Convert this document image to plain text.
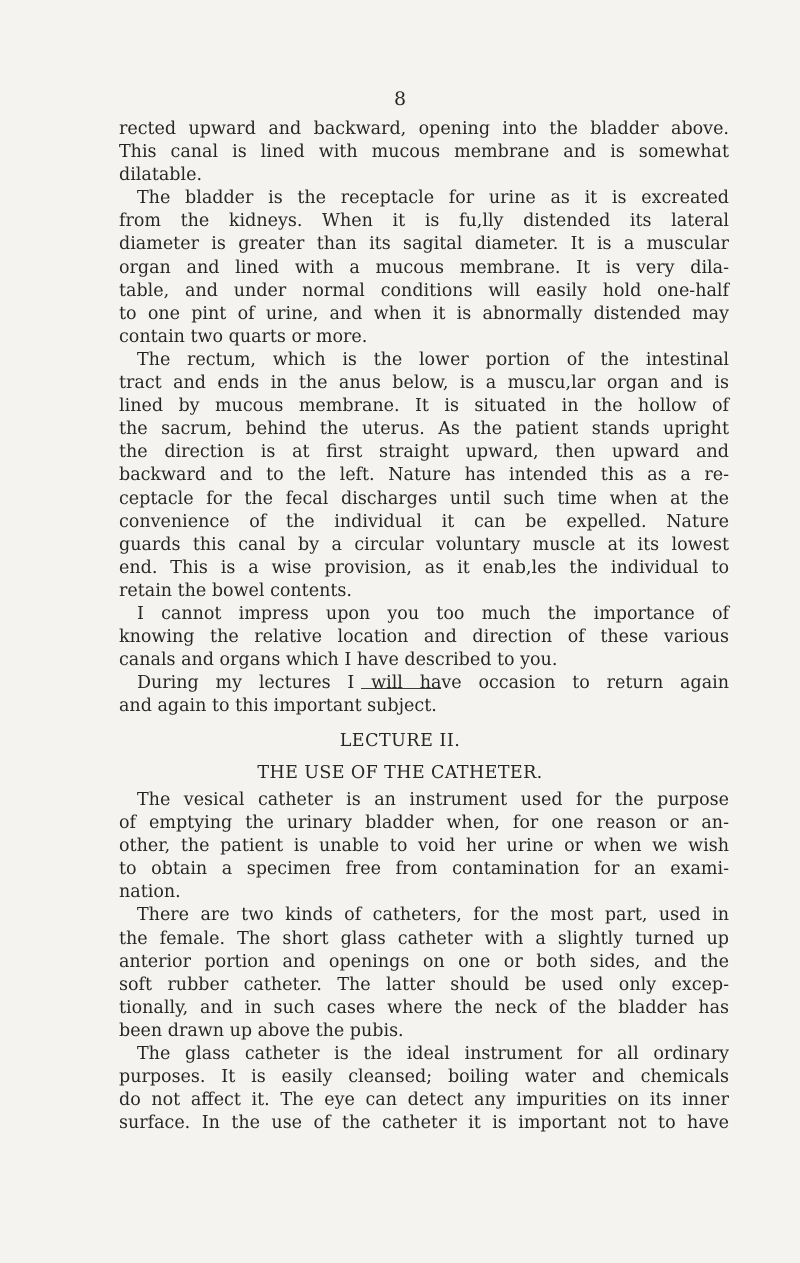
8

rected upward and backward, opening into the bladder above.
This canal is lined with mucous membrane and is somewhat
dilatable.

The bladder is the receptacle for urine as it is excreated
from the kidneys. When it is fu,lly distended its lateral
diameter is greater than its sagital diameter. It is a muscular
organ and lined with a mucous membrane. It is very dila-
table, and under normal conditions will easily hold one-half
to one pint of urine, and when it is abnormally distended may
contain two quarts or more.

The rectum, which is the lower portion of the intestinal
tract and ends in the anus below, is a muscu,lar organ and is
lined by mucous membrane. It is situated in the hollow of
the sacrum, behind the uterus. As the patient stands upright
the direction is at first straight upward, then upward and
backward and to the left. Nature has intended this as a re-
ceptacle for the fecal discharges until such time when at the
convenience of the individual it can be expelled. Nature
guards this canal by a circular voluntary muscle at its lowest
end. This is a wise provision, as it enab,les the individual to
retain the bowel contents.

I cannot impress upon you too much the importance of
knowing the relative location and direction of these various
canals and organs which I have described to you.

During my lectures I will have occasion to return again
and again to this important subject.

LECTURE II.
THE USE OF THE CATHETER.

The vesical catheter is an instrument used for the purpose
of emptying the urinary bladder when, for one reason or an-
other, the patient is unable to void her urine or when we wish
to obtain a specimen free from contamination for an exami-
nation.

There are two kinds of catheters, for the most part, used in
the female. The short glass catheter with a slightly turned up
anterior portion and openings on one or both sides, and the
soft rubber catheter. The latter should be used only excep-
tionally, and in such cases where the neck of the bladder has
been drawn up above the pubis.

The glass catheter is the ideal instrument for all ordinary
purposes. It is easily cleansed; boiling water and chemicals
do not affect it. The eye can detect any impurities on its inner
surface. In the use of the catheter it is important not to have
